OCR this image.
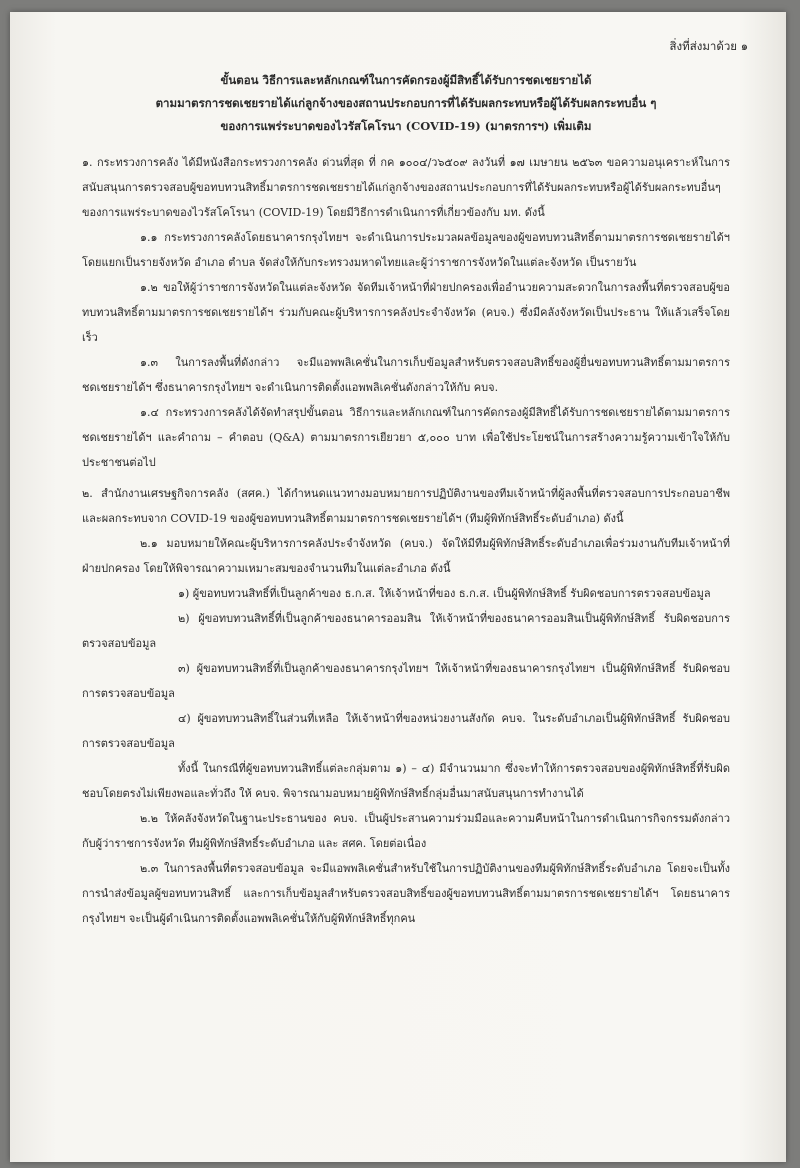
สิ่งที่ส่งมาด้วย ๑
ขั้นตอน วิธีการและหลักเกณฑ์ในการคัดกรองผู้มีสิทธิ์ได้รับการชดเชยรายได้
ตามมาตรการชดเชยรายได้แก่ลูกจ้างของสถานประกอบการที่ได้รับผลกระทบหรือผู้ได้รับผลกระทบอื่น ๆ
ของการแพร่ระบาดของไวรัสโคโรนา (COVID-19) (มาตรการฯ) เพิ่มเติม

๑. กระทรวงการคลัง ได้มีหนังสือกระทรวงการคลัง ด่วนที่สุด ที่ กค ๑๐๐๔/ว๖๕๐๙ ลงวันที่ ๑๗ เมษายน ๒๕๖๓ ขอความอนุเคราะห์ในการสนับสนุนการตรวจสอบผู้ขอทบทวนสิทธิ์มาตรการชดเชยรายได้แก่ลูกจ้างของสถานประกอบการที่ได้รับผลกระทบหรือผู้ได้รับผลกระทบอื่นๆ ของการแพร่ระบาดของไวรัสโคโรนา (COVID-19) โดยมีวิธีการดำเนินการที่เกี่ยวข้องกับ มท. ดังนี้

๑.๑ กระทรวงการคลังโดยธนาคารกรุงไทยฯ จะดำเนินการประมวลผลข้อมูลของผู้ขอทบทวนสิทธิ์ตามมาตรการชดเชยรายได้ฯ โดยแยกเป็นรายจังหวัด อำเภอ ตำบล จัดส่งให้กับกระทรวงมหาดไทยและผู้ว่าราชการจังหวัดในแต่ละจังหวัด เป็นรายวัน

๑.๒ ขอให้ผู้ว่าราชการจังหวัดในแต่ละจังหวัด จัดทีมเจ้าหน้าที่ฝ่ายปกครองเพื่ออำนวยความสะดวกในการลงพื้นที่ตรวจสอบผู้ขอทบทวนสิทธิ์ตามมาตรการชดเชยรายได้ฯ ร่วมกับคณะผู้บริหารการคลังประจำจังหวัด (คบจ.) ซึ่งมีคลังจังหวัดเป็นประธาน ให้แล้วเสร็จโดยเร็ว

๑.๓ ในการลงพื้นที่ดังกล่าว จะมีแอพพลิเคชั่นในการเก็บข้อมูลสำหรับตรวจสอบสิทธิ์ของผู้ยื่นขอทบทวนสิทธิ์ตามมาตรการชดเชยรายได้ฯ ซึ่งธนาคารกรุงไทยฯ จะดำเนินการติดตั้งแอพพลิเคชั่นดังกล่าวให้กับ คบจ.

๑.๔ กระทรวงการคลังได้จัดทำสรุปขั้นตอน วิธีการและหลักเกณฑ์ในการคัดกรองผู้มีสิทธิ์ได้รับการชดเชยรายได้ตามมาตรการชดเชยรายได้ฯ และคำถาม – คำตอบ (Q&A) ตามมาตรการเยียวยา ๕,๐๐๐ บาท เพื่อใช้ประโยชน์ในการสร้างความรู้ความเข้าใจให้กับประชาชนต่อไป

๒. สำนักงานเศรษฐกิจการคลัง (สศค.) ได้กำหนดแนวทางมอบหมายการปฏิบัติงานของทีมเจ้าหน้าที่ผู้ลงพื้นที่ตรวจสอบการประกอบอาชีพและผลกระทบจาก COVID-19 ของผู้ขอทบทวนสิทธิ์ตามมาตรการชดเชยรายได้ฯ (ทีมผู้พิทักษ์สิทธิ์ระดับอำเภอ) ดังนี้

๒.๑ มอบหมายให้คณะผู้บริหารการคลังประจำจังหวัด (คบจ.) จัดให้มีทีมผู้พิทักษ์สิทธิ์ระดับอำเภอเพื่อร่วมงานกับทีมเจ้าหน้าที่ฝ่ายปกครอง โดยให้พิจารณาความเหมาะสมของจำนวนทีมในแต่ละอำเภอ ดังนี้

๑) ผู้ขอทบทวนสิทธิ์ที่เป็นลูกค้าของ ธ.ก.ส. ให้เจ้าหน้าที่ของ ธ.ก.ส. เป็นผู้พิทักษ์สิทธิ์ รับผิดชอบการตรวจสอบข้อมูล

๒) ผู้ขอทบทวนสิทธิ์ที่เป็นลูกค้าของธนาคารออมสิน ให้เจ้าหน้าที่ของธนาคารออมสินเป็นผู้พิทักษ์สิทธิ์ รับผิดชอบการตรวจสอบข้อมูล

๓) ผู้ขอทบทวนสิทธิ์ที่เป็นลูกค้าของธนาคารกรุงไทยฯ ให้เจ้าหน้าที่ของธนาคารกรุงไทยฯ เป็นผู้พิทักษ์สิทธิ์ รับผิดชอบการตรวจสอบข้อมูล

๔) ผู้ขอทบทวนสิทธิ์ในส่วนที่เหลือ ให้เจ้าหน้าที่ของหน่วยงานสังกัด คบจ. ในระดับอำเภอเป็นผู้พิทักษ์สิทธิ์ รับผิดชอบการตรวจสอบข้อมูล

ทั้งนี้ ในกรณีที่ผู้ขอทบทวนสิทธิ์แต่ละกลุ่มตาม ๑) – ๔) มีจำนวนมาก ซึ่งจะทำให้การตรวจสอบของผู้พิทักษ์สิทธิ์ที่รับผิดชอบโดยตรงไม่เพียงพอและทั่วถึง ให้ คบจ. พิจารณามอบหมายผู้พิทักษ์สิทธิ์กลุ่มอื่นมาสนับสนุนการทำงานได้

๒.๒ ให้คลังจังหวัดในฐานะประธานของ คบจ. เป็นผู้ประสานความร่วมมือและความคืบหน้าในการดำเนินการกิจกรรมดังกล่าวกับผู้ว่าราชการจังหวัด ทีมผู้พิทักษ์สิทธิ์ระดับอำเภอ และ สศค. โดยต่อเนื่อง

๒.๓ ในการลงพื้นที่ตรวจสอบข้อมูล จะมีแอพพลิเคชั่นสำหรับใช้ในการปฏิบัติงานของทีมผู้พิทักษ์สิทธิ์ระดับอำเภอ โดยจะเป็นทั้งการนำส่งข้อมูลผู้ขอทบทวนสิทธิ์ และการเก็บข้อมูลสำหรับตรวจสอบสิทธิ์ของผู้ขอทบทวนสิทธิ์ตามมาตรการชดเชยรายได้ฯ โดยธนาคารกรุงไทยฯ จะเป็นผู้ดำเนินการติดตั้งแอพพลิเคชั่นให้กับผู้พิทักษ์สิทธิ์ทุกคน
